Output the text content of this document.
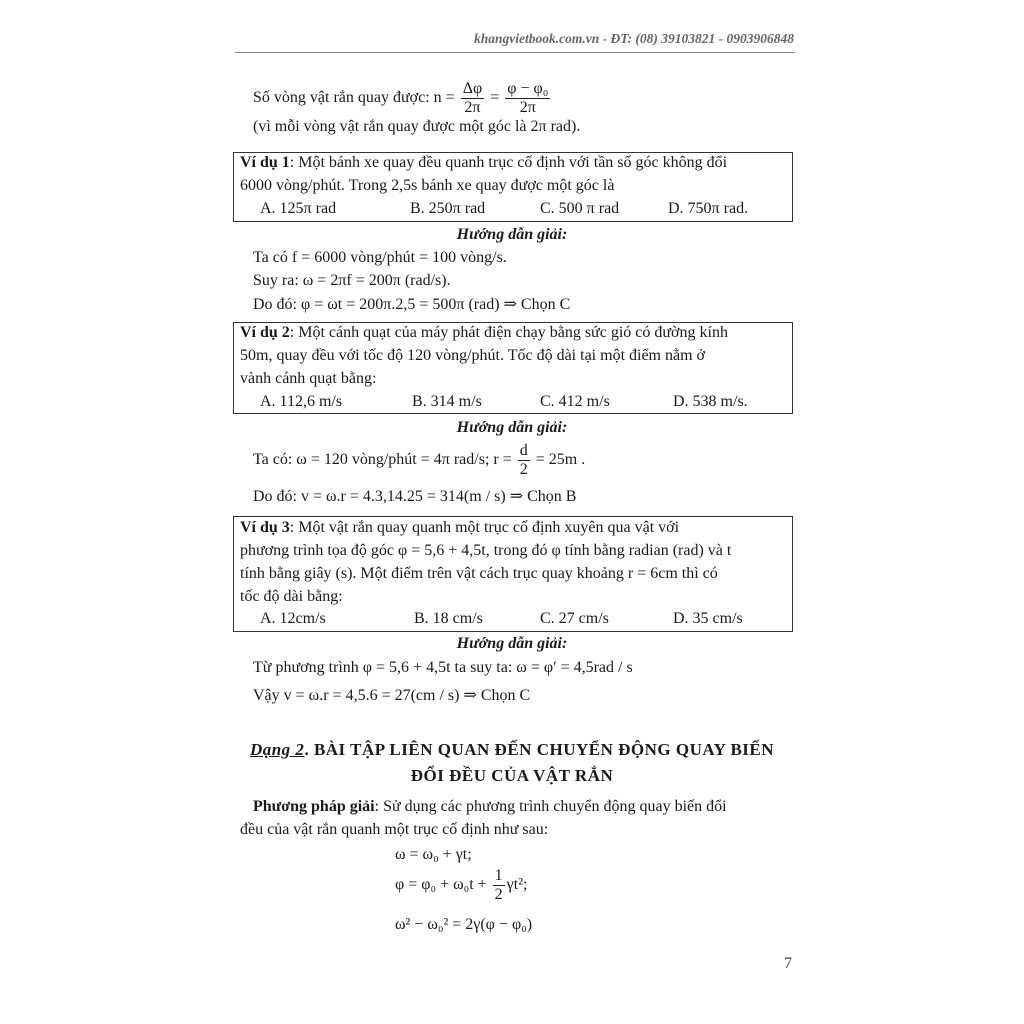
khangvietbook.com.vn - ĐT: (08) 39103821 - 0903906848
Số vòng vật rắn quay được: $n = \frac{\Delta\varphi}{2\pi} = \frac{\text{φ − φ₀}}{2\pi}$
(vì mỗi vòng vật rắn quay được một góc là 2π rad).
Ví dụ 1: Một bánh xe quay đều quanh trục cố định với tần số góc không đổi
6000 vòng/phút. Trong 2,5s bánh xe quay được một góc là
A. 125π rad	B. 250π rad	C. 500 π rad	D. 750π rad.
Hướng dẫn giải:
Ta có f = 6000 vòng/phút = 100 vòng/s.
Suy ra: ω = 2πf = 200π (rad/s).
Do đó: φ = ωt = 200π.2,5 = 500π (rad) ⇒ Chọn C
Ví dụ 2: Một cánh quạt của máy phát điện chạy bằng sức gió có đường kính
50m, quay đều với tốc độ 120 vòng/phút. Tốc độ dài tại một điểm nằm ở
vành cánh quạt bằng:
A. 112,6 m/s	B. 314 m/s	C. 412 m/s	D. 538 m/s.
Hướng dẫn giải:
Ta có: ω = 120 vòng/phút = 4π rad/s; $r = \frac{d}{2} = 25m$ .
Do đó: v = ω.r = 4.3,14.25 = 314(m / s) ⇒ Chọn B
Ví dụ 3: Một vật rắn quay quanh một trục cố định xuyên qua vật với
phương trình tọa độ góc φ = 5,6 + 4,5t, trong đó φ tính bằng radian (rad) và t
tính bằng giây (s). Một điểm trên vật cách trục quay khoảng r = 6cm thì có
tốc độ dài bằng:
A. 12cm/s	B. 18 cm/s	C. 27 cm/s	D. 35 cm/s
Hướng dẫn giải:
Từ phương trình φ = 5,6 + 4,5t ta suy ta: ω = φ′ = 4,5rad / s
Vậy v = ω.r = 4,5.6 = 27(cm / s) ⇒ Chọn C
Dạng 2. BÀI TẬP LIÊN QUAN ĐẾN CHUYỂN ĐỘNG QUAY BIẾN
ĐỔI ĐỀU CỦA VẬT RẮN
Phương pháp giải: Sử dụng các phương trình chuyển động quay biến đổi
đều của vật rắn quanh một trục cố định như sau:
ω = ω₀ + γt;
$\varphi = \varphi_0 + \omega_0t + \frac{1}{2} \gamma t^2$;
ω² − ω₀² = 2γ(φ − φ₀)
7
